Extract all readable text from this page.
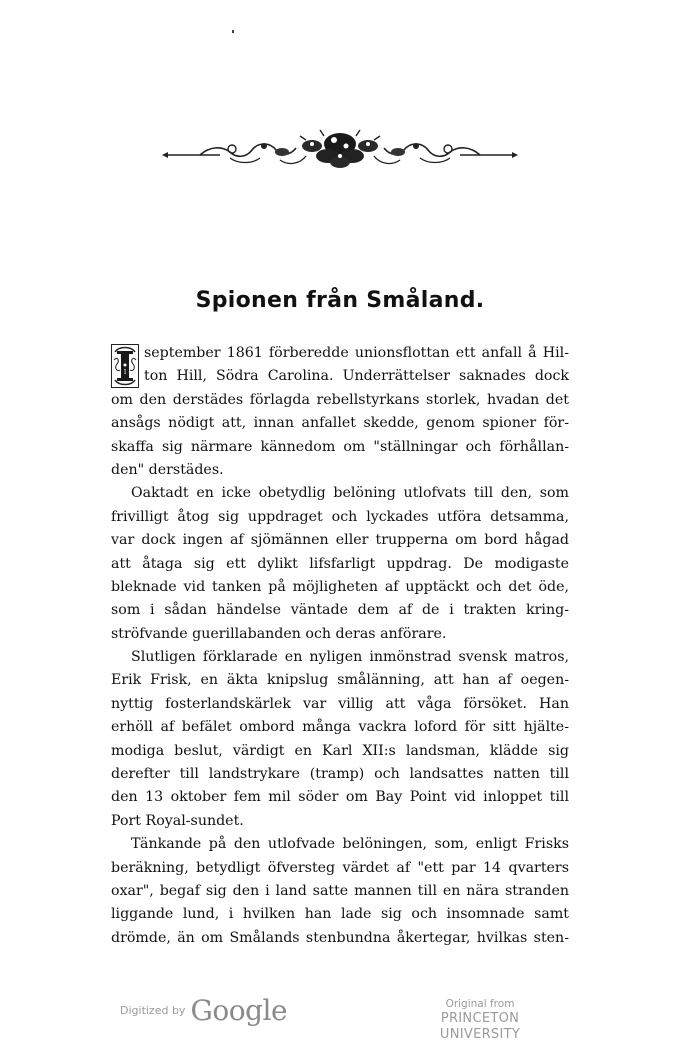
Spionen från Småland.
I
september 1861 förberedde unionsflottan ett anfall å Hil-
ton Hill, Södra Carolina. Underrättelser saknades dock
om den derstädes förlagda rebellstyrkans storlek, hvadan det
ansågs nödigt att, innan anfallet skedde, genom spioner för-
skaffa sig närmare kännedom om "ställningar och förhållan-
den" derstädes.
Oaktadt en icke obetydlig belöning utlofvats till den, som
frivilligt åtog sig uppdraget och lyckades utföra detsamma,
var dock ingen af sjömännen eller trupperna om bord hågad
att åtaga sig ett dylikt lifsfarligt uppdrag. De modigaste
bleknade vid tanken på möjligheten af upptäckt och det öde,
som i sådan händelse väntade dem af de i trakten kring-
ströfvande guerillabanden och deras anförare.
Slutligen förklarade en nyligen inmönstrad svensk matros,
Erik Frisk, en äkta knipslug smålänning, att han af oegen-
nyttig fosterlandskärlek var villig att våga försöket. Han
erhöll af befälet ombord många vackra loford för sitt hjälte-
modiga beslut, värdigt en Karl XII:s landsman, klädde sig
derefter till landstrykare (tramp) och landsattes natten till
den 13 oktober fem mil söder om Bay Point vid inloppet till
Port Royal-sundet.
Tänkande på den utlofvade belöningen, som, enligt Frisks
beräkning, betydligt öfversteg värdet af "ett par 14 qvarters
oxar", begaf sig den i land satte mannen till en nära stranden
liggande lund, i hvilken han lade sig och insomnade samt
drömde, än om Smålands stenbundna åkertegar, hvilkas sten-
Digitized by Google	Original from
PRINCETON UNIVERSITY
